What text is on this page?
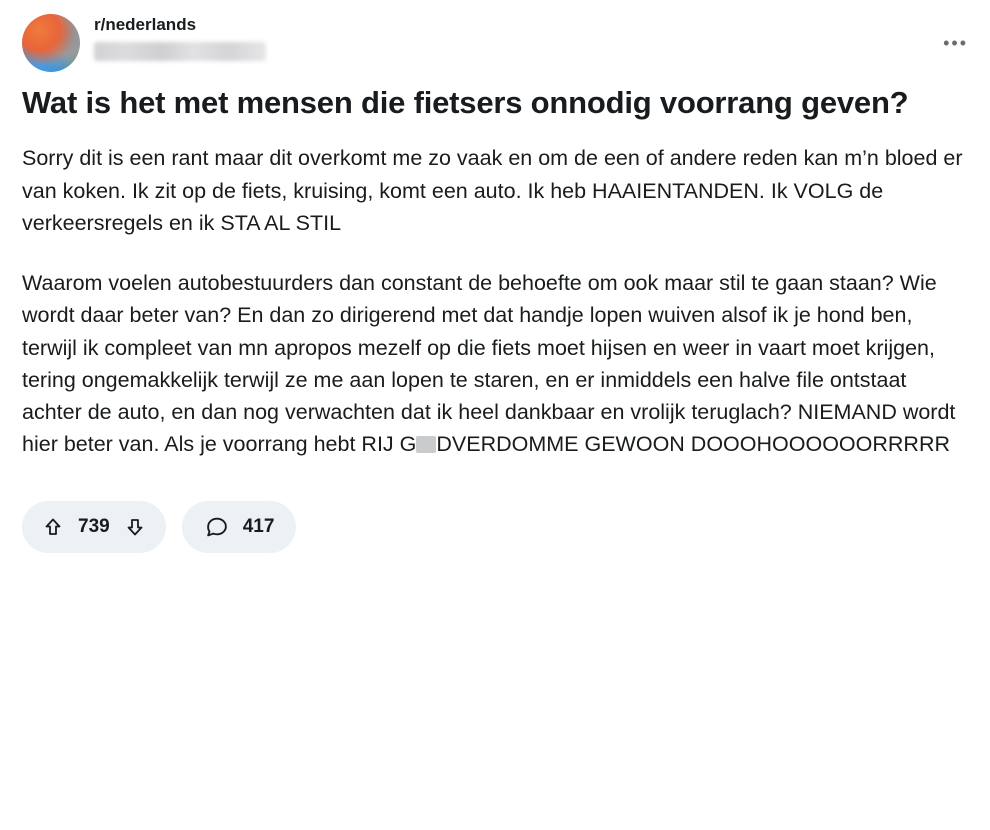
r/nederlands
•••
Wat is het met mensen die fietsers onnodig voorrang geven?

Sorry dit is een rant maar dit overkomt me zo vaak en om de een of andere reden kan m’n bloed er van koken. Ik zit op de fiets, kruising, komt een auto. Ik heb HAAIENTANDEN. Ik VOLG de verkeersregels en ik STA AL STIL

Waarom voelen autobestuurders dan constant de behoefte om ook maar stil te gaan staan? Wie wordt daar beter van? En dan zo dirigerend met dat handje lopen wuiven alsof ik je hond ben, terwijl ik compleet van mn apropos mezelf op die fiets moet hijsen en weer in vaart moet krijgen, tering ongemakkelijk terwijl ze me aan lopen te staren, en er inmiddels een halve file ontstaat achter de auto, en dan nog verwachten dat ik heel dankbaar en vrolijk teruglach? NIEMAND wordt hier beter van. Als je voorrang hebt RIJ G DVERDOMME GEWOON DOOOHOOOOOORRRRR

739	417
